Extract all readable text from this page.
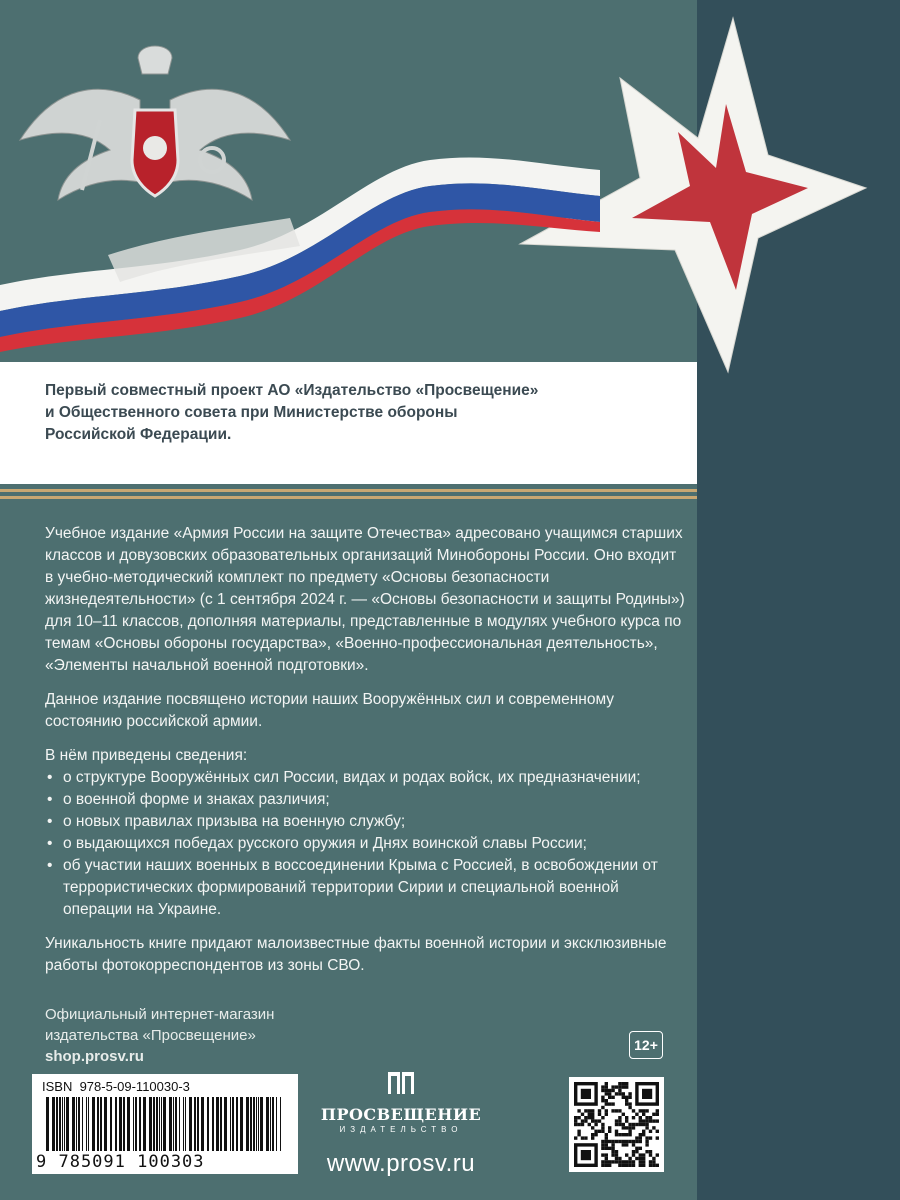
Первый совместный проект АО «Издательство «Просвещение»
и Общественного совета при Министерстве обороны
Российской Федерации.

Учебное издание «Армия России на защите Отечества» адресовано учащимся старших классов и довузовских образовательных организаций Минобороны России. Оно входит в учебно-методический комплект по предмету «Основы безопасности жизнедеятельности» (с 1 сентября 2024 г. — «Основы безопасности и защиты Родины») для 10–11 классов, дополняя материалы, представленные в модулях учебного курса по темам «Основы обороны государства», «Военно-профессиональная деятельность», «Элементы начальной военной подготовки».

Данное издание посвящено истории наших Вооружённых сил и современному состоянию российской армии.

В нём приведены сведения:

• о структуре Вооружённых сил России, видах и родах войск, их предназначении;
• о военной форме и знаках различия;
• о новых правилах призыва на военную службу;
• о выдающихся победах русского оружия и Днях воинской славы России;
• об участии наших военных в воссоединении Крыма с Россией, в освобождении от террористических формирований территории Сирии и специальной военной операции на Украине.

Уникальность книге придают малоизвестные факты военной истории и эксклюзивные работы фотокорреспондентов из зоны СВО.

Официальный интернет-магазин
издательства «Просвещение»
shop.prosv.ru
12+
ISBN  978-5-09-110030-3
9 785091 100303
ПРОСВЕЩЕНИЕ
ИЗДАТЕЛЬСТВО
www.prosv.ru
